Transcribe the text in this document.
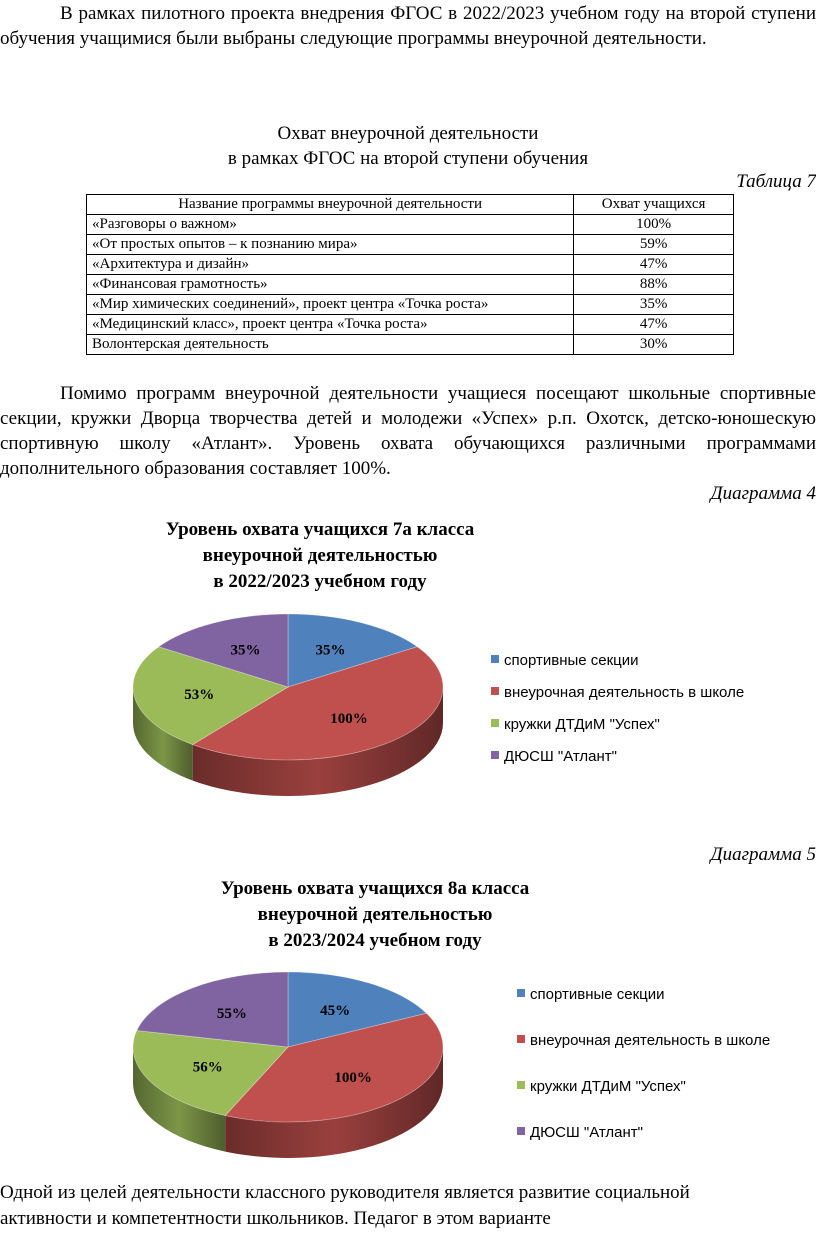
В рамках пилотного проекта внедрения ФГОС в 2022/2023 учебном году на второй ступени обучения учащимися были выбраны следующие программы внеурочной деятельности.

Охват внеурочной деятельности
в рамках ФГОС на второй ступени обучения
Таблица 7
Название программы внеурочной деятельности	Охват учащихся
«Разговоры о важном»	100%
«От простых опытов – к познанию мира»	59%
«Архитектура и дизайн»	47%
«Финансовая грамотность»	88%
«Мир химических соединений», проект центра «Точка роста»	35%
«Медицинский класс», проект центра «Точка роста»	47%
Волонтерская деятельность	30%

Помимо программ внеурочной деятельности учащиеся посещают школьные спортивные секции, кружки Дворца творчества детей и молодежи «Успех» р.п. Охотск, детско-юношескую спортивную школу «Атлант». Уровень охвата обучающихся различными программами дополнительного образования составляет 100%.

Диаграмма 4
Уровень охвата учащихся 7а класса
внеурочной деятельностью
в 2022/2023 учебном году
35%
100%
53%
35%
спортивные секции
внеурочная деятельность в школе
кружки ДТДиМ "Успех"
ДЮСШ "Атлант"
Диаграмма 5
Уровень охвата учащихся 8а класса
внеурочной деятельностью
в 2023/2024 учебном году
45%
100%
56%
55%
спортивные секции
внеурочная деятельность в школе
кружки ДТДиМ "Успех"
ДЮСШ "Атлант"
Одной из целей деятельности классного руководителя является развитие социальной
активности и компетентности школьников. Педагог в этом варианте
